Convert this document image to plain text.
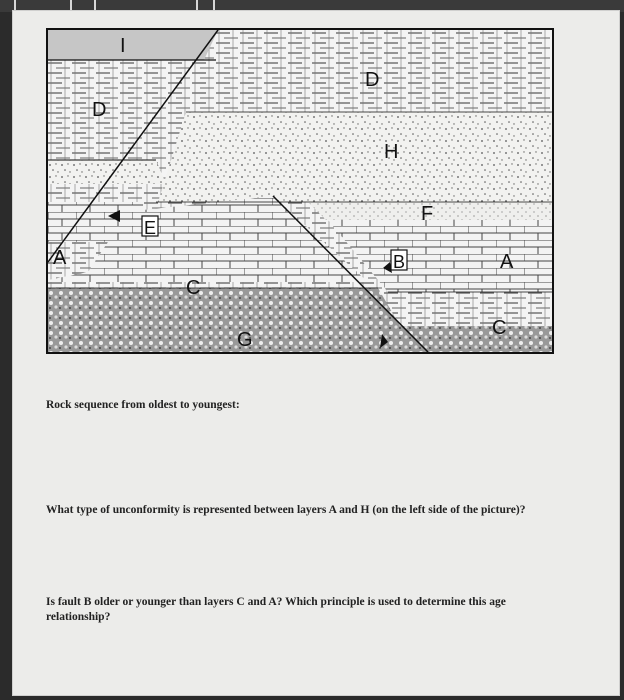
I
D
D
H
F
E
A	B	A
C
G
C
Rock sequence from oldest to youngest:
What type of unconformity is represented between layers A and H (on the left side of the picture)?
Is fault B older or younger than layers C and A? Which principle is used to determine this age relationship?
